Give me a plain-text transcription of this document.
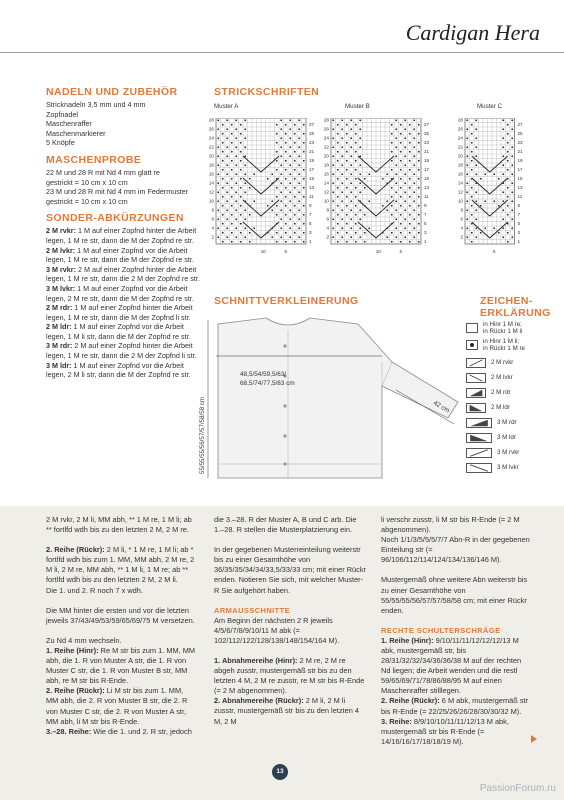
Cardigan Hera
NADELN UND ZUBEHÖR

Stricknadeln 3,5 mm und 4 mm

Zopfnadel

Maschenraffer

Maschenmarkierer

5 Knöpfe

MASCHENPROBE

22 M und 28 R mit Nd 4 mm glatt re

gestrickt = 10 cm x 10 cm

23 M und 28 R mit Nd 4 mm im Federmuster

gestrickt = 10 cm x 10 cm

SONDER-ABKÜRZUNGEN

2 M rvkr: 1 M auf einer Zopfnd hinter die Arbeit legen, 1 M re str, dann die M der Zopfnd re str.

2 M lvkr: 1 M auf einer Zopfnd vor die Arbeit legen, 1 M re str, dann die M der Zopfnd re str.

3 M rvkr: 2 M auf einer Zopfnd hinter die Arbeit legen, 1 M re str, dann die 2 M der Zopfnd re str.

3 M lvkr: 1 M auf einer Zopfnd vor die Arbeit legen, 2 M re str, dann die M der Zopfnd re str.

2 M rdr: 1 M auf einer Zopfnd hinter die Arbeit legen, 1 M re str, dann die M der Zopfnd li str.

2 M ldr: 1 M auf einer Zopfnd vor die Arbeit legen, 1 M li str, dann die M der Zopfnd re str.

3 M rdr: 2 M auf einer Zopfnd hinter die Arbeit legen, 1 M re str, dann die 2 M der Zopfnd li str.

3 M ldr: 1 M auf einer Zopfnd vor die Arbeit legen, 2 M li str, dann die M der Zopfnd re str.

STRICKSCHRIFTEN
Muster A	Muster B	Muster C
28
26
24
22
20
18
16
14
12
10
8
6
4
2
27
25
23
21
19
17
15
13
11
9
7
5
3
1
10	5
28
26
24
22
20
18
16
14
12
10
8
6
4
2
27
25
23
21
19
17
15
13
11
9
7
5
3
1
10	5
28
26
24
22
20
18
16
14
12
10
8
6
4
2
27
25
23
21
19
17
15
13
11
9
7
5
3
1
5
SCHNITTVERKLEINERUNG
48,5/54/59,5/63/
68,5/74/77,5/83 cm
42 cm
55/55/55/56/57/57/58/58 cm
ZEICHEN-
ERKLÄRUNG
in Hinr 1 M re;
in Rückr 1 M li
in Hinr 1 M li;
in Rückr 1 M re
2 M rvkr
2 M lvkr
2 M rdr
2 M ldr
3 M rdr
3 M ldr
3 M rvkr
3 M lvkr

2 M rvkr, 2 M li, MM abh, ** 1 M re, 1 M li; ab ** fortlfd wdh bis zu den letzten 2 M, 2 M re.

2. Reihe (Rückr): 2 M li, * 1 M re, 1 M li; ab * fortlfd wdh bis zum 1. MM, MM abh, 2 M re, 2 M li, 2 M re, MM abh, ** 1 M li, 1 M re; ab ** fortlfd wdh bis zu den letzten 2 M, 2 M li.

Die 1. und 2. R noch 7 x wdh.

Die MM hinter die ersten und vor die letzten jeweils 37/43/49/53/59/65/69/75 M versetzen.

Zu Nd 4 mm wechseln.

1. Reihe (Hinr): Re M str bis zum 1. MM, MM abh, die 1. R von Muster A str, die 1. R von Muster C str, die 1. R von Muster B str, MM abh, re M str bis R-Ende.

2. Reihe (Rückr): Li M str bis zum 1. MM, MM abh, die 2. R von Muster B str, die 2. R von Muster C str, die 2. R von Muster A str, MM abh, li M str bis R-Ende.

3.–28. Reihe: Wie die 1. und 2. R str, jedoch

die 3.–28. R der Muster A, B und C arb. Die 1.–28. R stellen die Musterplatzierung ein.

In der gegebenen Musterreinteilung weiterstr bis zu einer Gesamthöhe von 36/35/35/34/34/33,5/33/33 cm; mit einer Rückr enden. Notieren Sie sich, mit welcher Muster-R Sie aufgehört haben.

ARMAUSSCHNITTE

Am Beginn der nächsten 2 R jeweils 4/5/6/7/8/9/10/11 M abk (= 102/112/122/128/138/148/154/164 M).

1. Abnahmereihe (Hinr): 2 M re, 2 M re abgeh zusstr, mustergemäß str bis zu den letzten 4 M, 2 M re zusstr, re M str bis R-Ende (= 2 M abgenommen).

2. Abnahmereihe (Rückr): 2 M li, 2 M li zusstr, mustergemäß str bis zu den letzten 4 M, 2 M

li verschr zusstr, li M str bis R-Ende (= 2 M abgenommen).

Noch 1/1/3/5/5/5/7/7 Abn-R in der gegebenen Einteilung str (= 96/106/112/114/124/134/136/146 M).

Mustergemäß ohne weitere Abn weiterstr bis zu einer Gesamthöhe von 55/55/55/56/57/57/58/58 cm; mit einer Rückr enden.

RECHTE SCHULTERSCHRÄGE

1. Reihe (Hinr): 9/10/11/11/12/12/12/13 M abk, mustergemäß str, bis 28/31/32/32/34/36/36/38 M auf der rechten Nd liegen; die Arbeit wenden und die restl 59/65/69/71/78/86/88/95 M auf einen Maschenraffer stilllegen.

2. Reihe (Rückr): 6 M abk, mustergemäß str bis R-Ende (= 22/25/26/26/28/30/30/32 M).

3. Reihe: 8/9/10/10/11/11/12/13 M abk, mustergemäß str bis R-Ende (= 14/16/16/17/18/18/19 M).

13
PassionForum.ru
